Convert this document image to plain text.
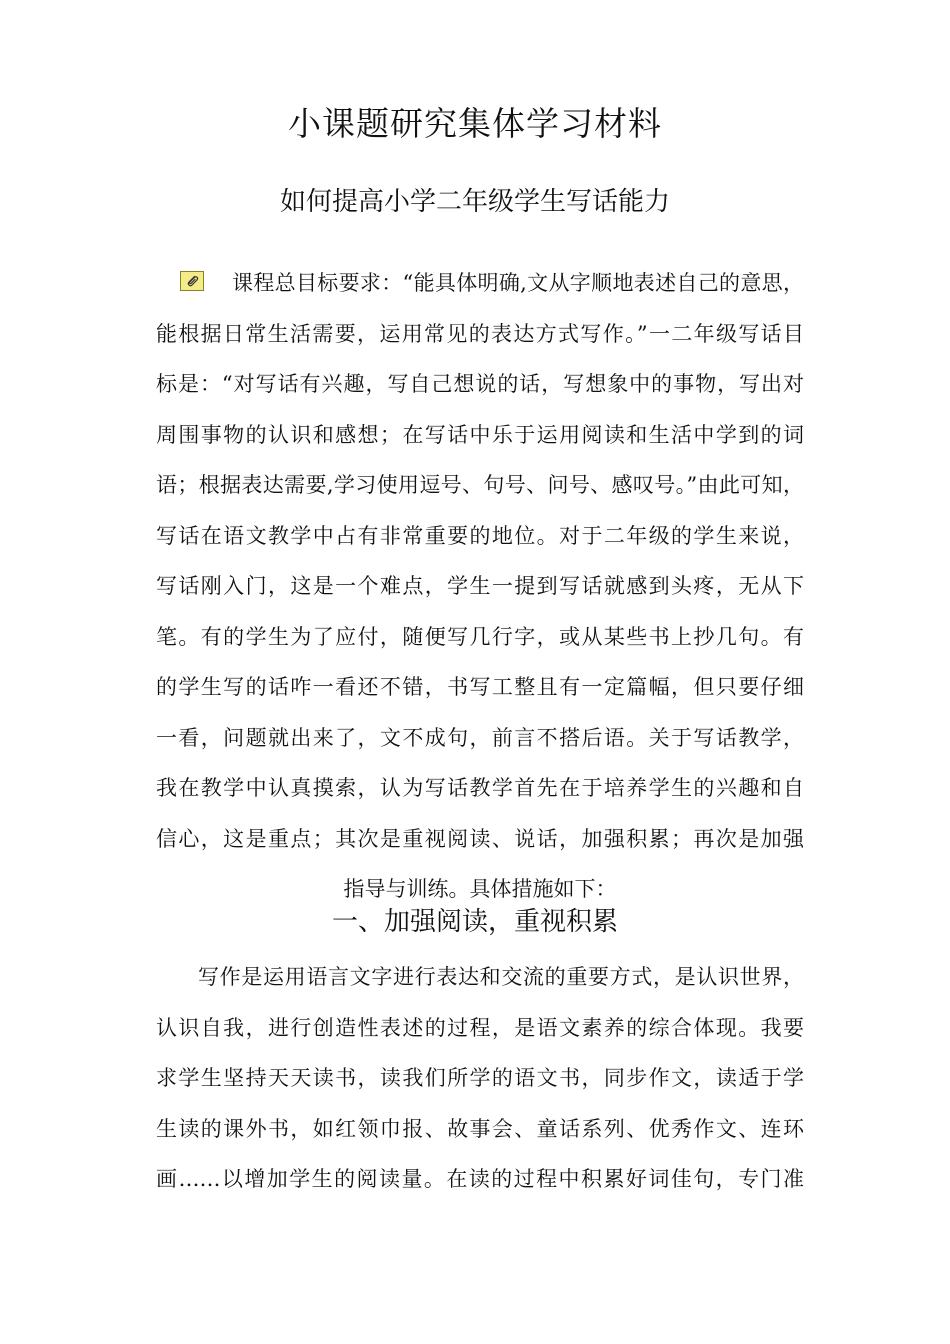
小课题研究集体学习材料
如何提高小学二年级学生写话能力
课程总目标要求：“能具体明确,文从字顺地表述自己的意思，
能根据日常生活需要，运用常见的表达方式写作。”一二年级写话目
标是：“对写话有兴趣，写自己想说的话，写想象中的事物，写出对
周围事物的认识和感想；在写话中乐于运用阅读和生活中学到的词
语；根据表达需要,学习使用逗号、句号、问号、感叹号。”由此可知，
写话在语文教学中占有非常重要的地位。对于二年级的学生来说，
写话刚入门，这是一个难点，学生一提到写话就感到头疼，无从下
笔。有的学生为了应付，随便写几行字，或从某些书上抄几句。有
的学生写的话咋一看还不错，书写工整且有一定篇幅，但只要仔细
一看，问题就出来了，文不成句，前言不搭后语。关于写话教学，
我在教学中认真摸索，认为写话教学首先在于培养学生的兴趣和自
信心，这是重点；其次是重视阅读、说话，加强积累；再次是加强
指导与训练。具体措施如下：
一、加强阅读，重视积累
写作是运用语言文字进行表达和交流的重要方式，是认识世界，
认识自我，进行创造性表述的过程，是语文素养的综合体现。我要
求学生坚持天天读书，读我们所学的语文书，同步作文，读适于学
生读的课外书，如红领巾报、故事会、童话系列、优秀作文、连环
画……以增加学生的阅读量。在读的过程中积累好词佳句，专门准
